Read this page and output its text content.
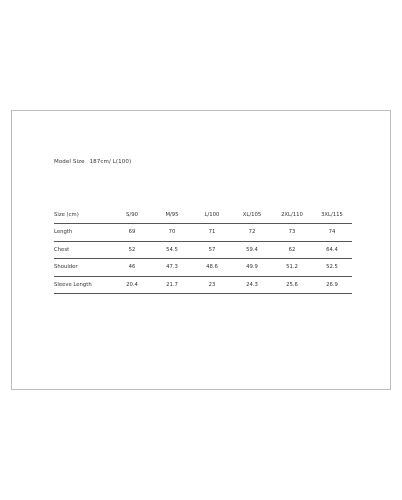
Model Size 187cm/ L(100)
Size (cm)	S/90	M/95	L/100	XL/105	2XL/110	3XL/115
Length	69	70	71	72	73	74
Chest	52	54.5	57	59.4	62	64.4
Shoulder	46	47.3	48.6	49.9	51.2	52.5
Sleeve Length	20.4	21.7	23	24.3	25.6	26.9
